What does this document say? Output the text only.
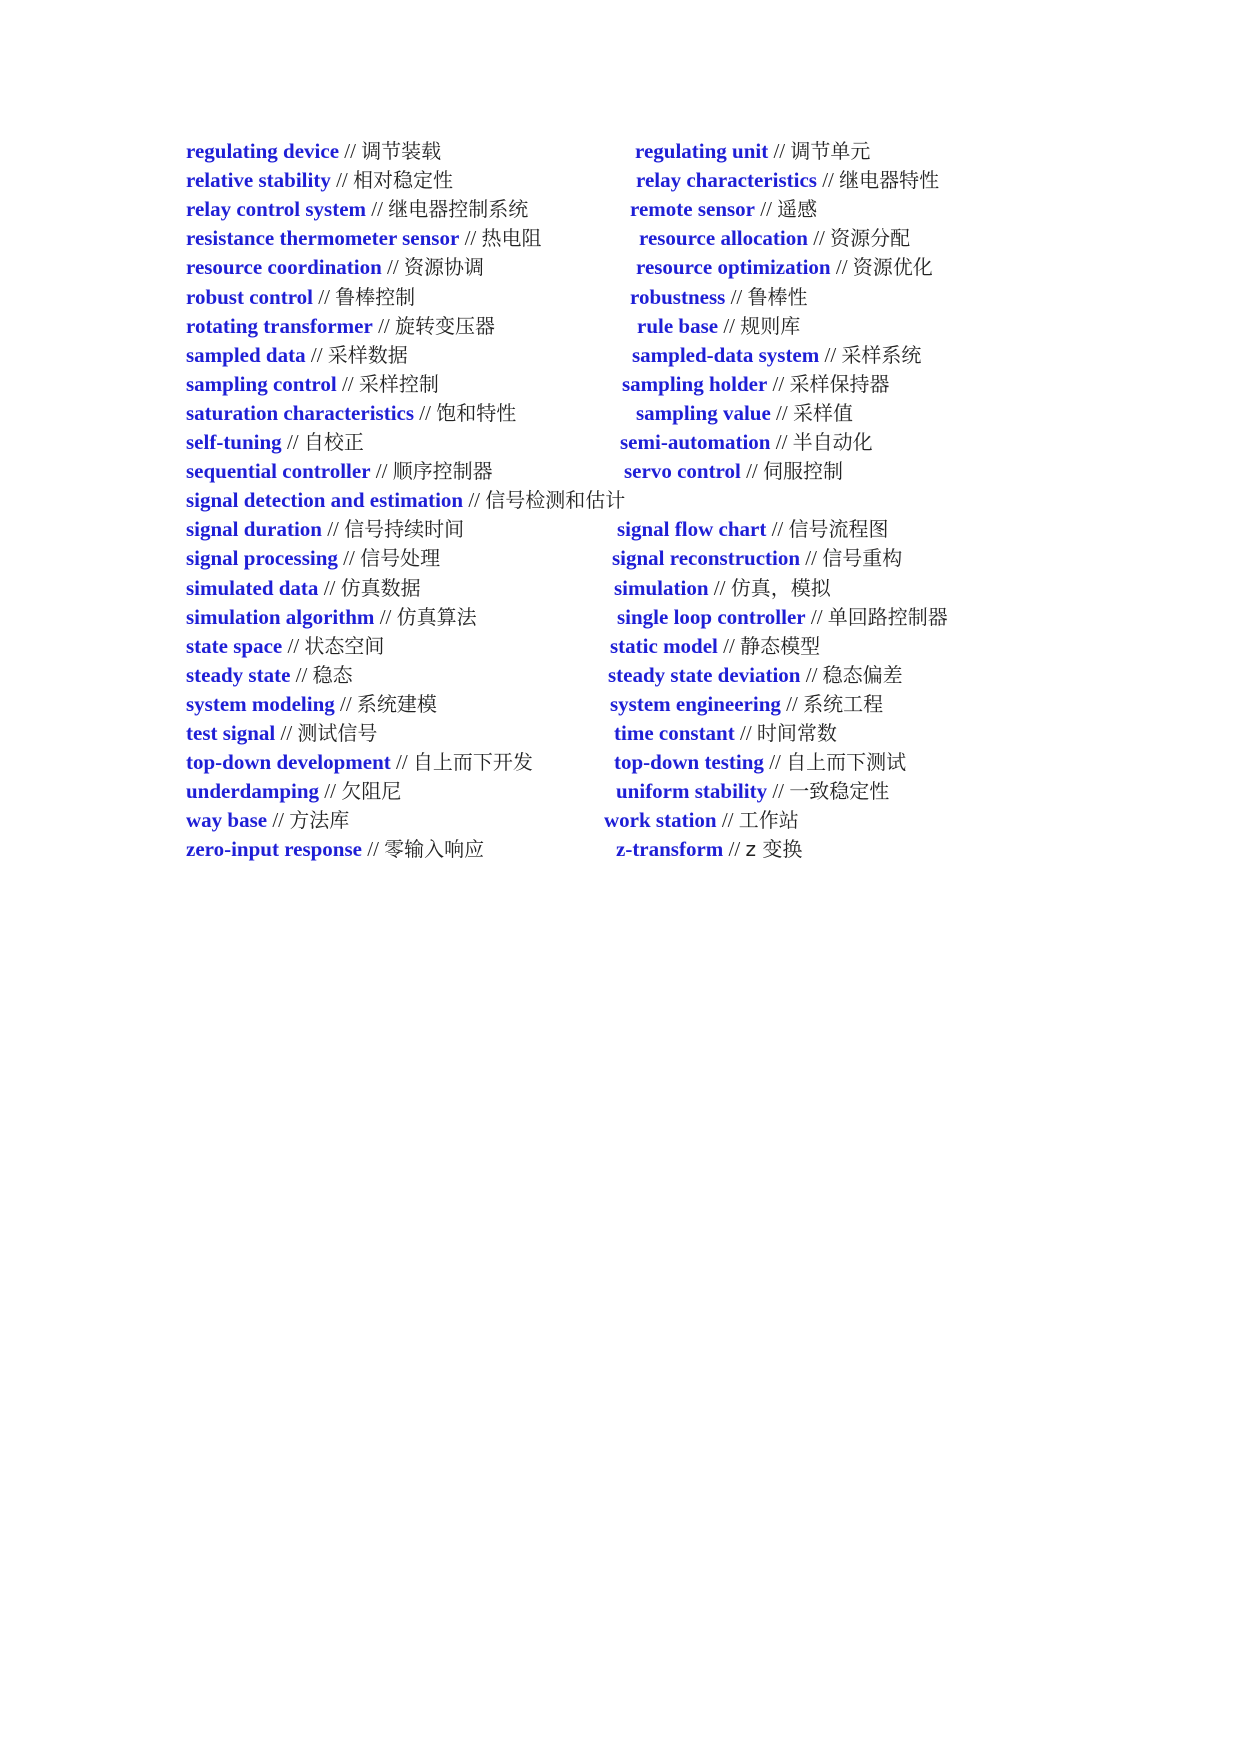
regulating device // 调节装载	regulating unit // 调节单元
relative stability // 相对稳定性	relay characteristics // 继电器特性
relay control system // 继电器控制系统	remote sensor // 遥感
resistance thermometer sensor // 热电阻	resource allocation // 资源分配
resource coordination // 资源协调	resource optimization // 资源优化
robust control // 鲁棒控制	robustness // 鲁棒性
rotating transformer // 旋转变压器	rule base // 规则库
sampled data // 采样数据	sampled-data system // 采样系统
sampling control // 采样控制	sampling holder // 采样保持器
saturation characteristics // 饱和特性	sampling value // 采样值
self-tuning // 自校正	semi-automation // 半自动化
sequential controller // 顺序控制器	servo control // 伺服控制
signal detection and estimation // 信号检测和估计
signal duration // 信号持续时间	signal flow chart // 信号流程图
signal processing // 信号处理	signal reconstruction // 信号重构
simulated data // 仿真数据	simulation // 仿真，模拟
simulation algorithm // 仿真算法	single loop controller // 单回路控制器
state space // 状态空间	static model // 静态模型
steady state // 稳态	steady state deviation // 稳态偏差
system modeling // 系统建模	system engineering // 系统工程
test signal // 测试信号	time constant // 时间常数
top-down development // 自上而下开发	top-down testing // 自上而下测试
underdamping // 欠阻尼	uniform stability // 一致稳定性
way base // 方法库	work station // 工作站
zero-input response // 零输入响应	z-transform // z 变换
